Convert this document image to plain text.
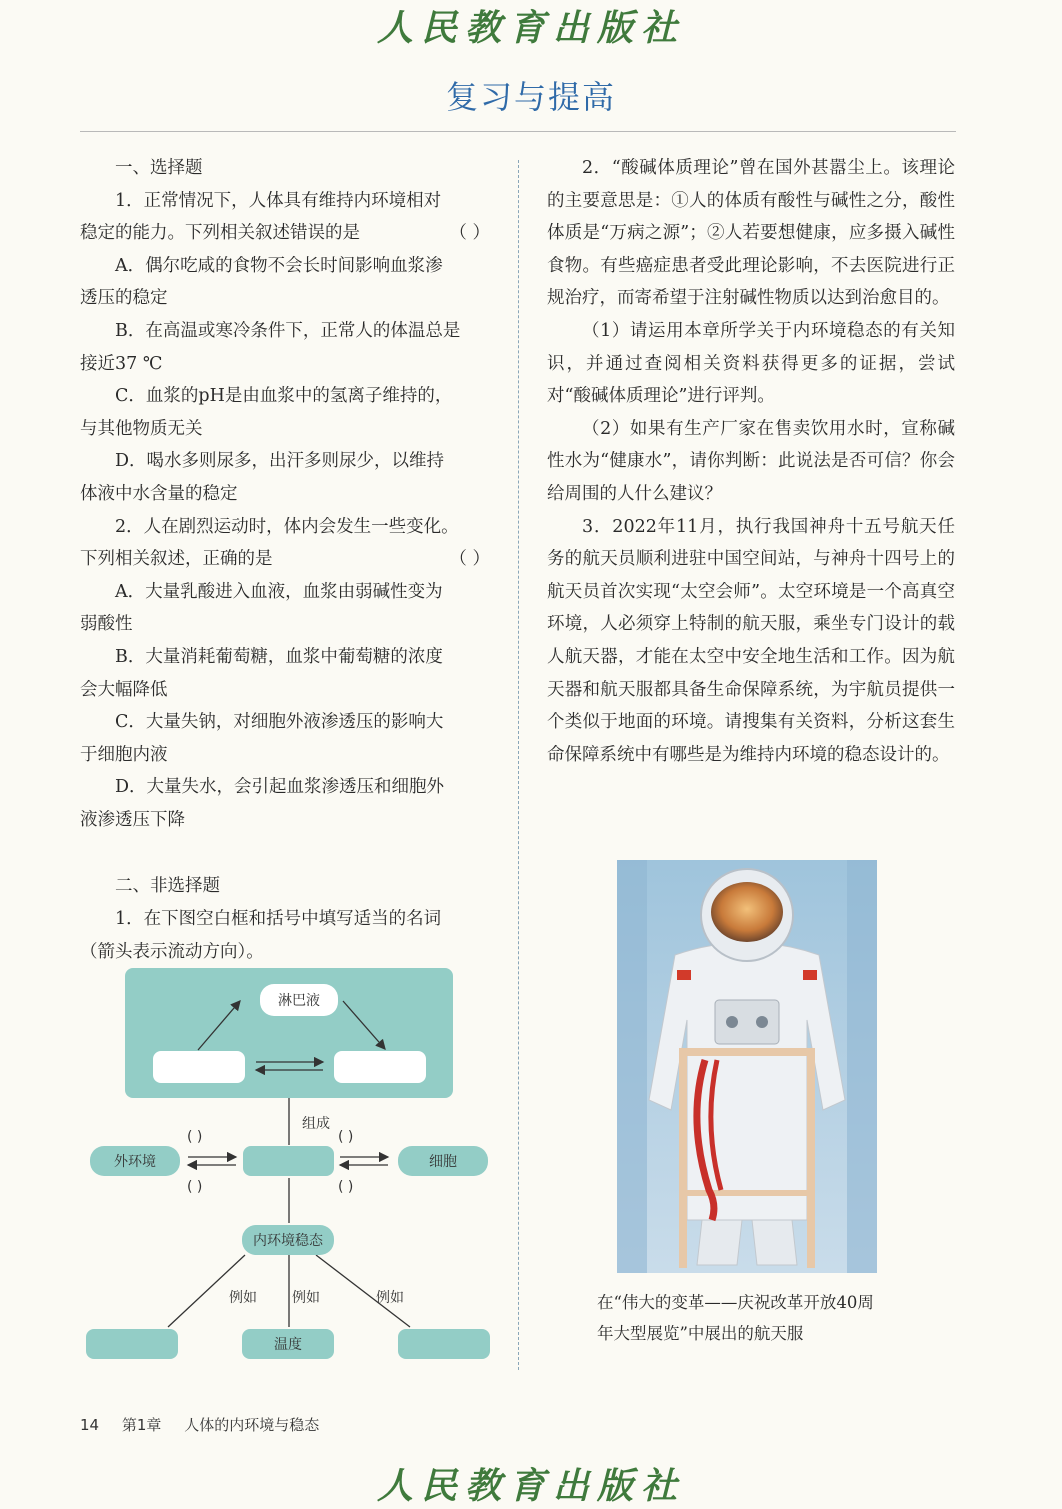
人民教育出版社
复习与提高

一、选择题

1．正常情况下，人体具有维持内环境相对

稳定的能力。下列相关叙述错误的是	（ ）

A．偶尔吃咸的食物不会长时间影响血浆渗

透压的稳定

B．在高温或寒冷条件下，正常人的体温总是

接近37 ℃

C．血浆的pH是由血浆中的氢离子维持的，

与其他物质无关

D．喝水多则尿多，出汗多则尿少，以维持

体液中水含量的稳定

2．人在剧烈运动时，体内会发生一些变化。

下列相关叙述，正确的是	（ ）

A．大量乳酸进入血液，血浆由弱碱性变为

弱酸性

B．大量消耗葡萄糖，血浆中葡萄糖的浓度

会大幅降低

C．大量失钠，对细胞外液渗透压的影响大

于细胞内液

D．大量失水，会引起血浆渗透压和细胞外

液渗透压下降

二、非选择题

1．在下图空白框和括号中填写适当的名词

（箭头表示流动方向）。

淋巴液
组成
外环境	细胞
( )
( )
( )
( )
内环境稳态
例如	例如	例如
温度

2．“酸碱体质理论”曾在国外甚嚣尘上。该理论的主要意思是：①人的体质有酸性与碱性之分，酸性体质是“万病之源”；②人若要想健康，应多摄入碱性食物。有些癌症患者受此理论影响，不去医院进行正规治疗，而寄希望于注射碱性物质以达到治愈目的。

（1）请运用本章所学关于内环境稳态的有关知识，并通过查阅相关资料获得更多的证据，尝试对“酸碱体质理论”进行评判。

（2）如果有生产厂家在售卖饮用水时，宣称碱性水为“健康水”，请你判断：此说法是否可信？你会给周围的人什么建议？

3．2022年11月，执行我国神舟十五号航天任务的航天员顺利进驻中国空间站，与神舟十四号上的航天员首次实现“太空会师”。太空环境是一个高真空环境，人必须穿上特制的航天服，乘坐专门设计的载人航天器，才能在太空中安全地生活和工作。因为航天器和航天服都具备生命保障系统，为宇航员提供一个类似于地面的环境。请搜集有关资料，分析这套生命保障系统中有哪些是为维持内环境的稳态设计的。

在“伟大的变革——庆祝改革开放40周
年大型展览”中展出的航天服
14 第1章 人体的内环境与稳态
人民教育出版社
